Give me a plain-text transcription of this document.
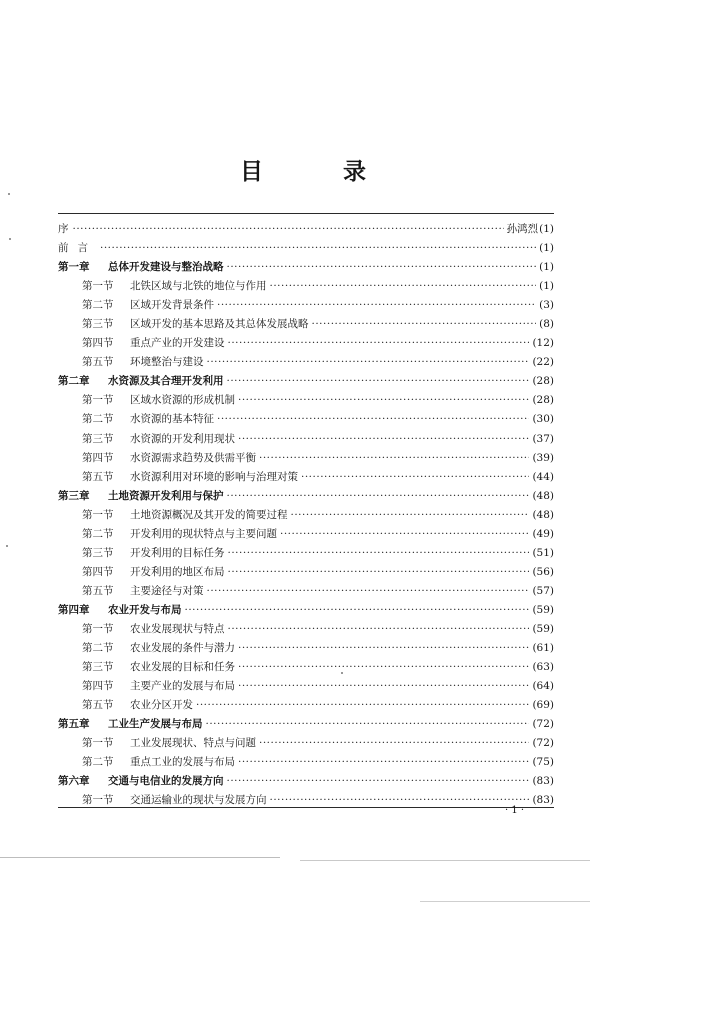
目	录
序 ·····	孙鸿烈 (1)
前言 ·····	(1)
第一章	总体开发建设与整治战略 ·····	(1)
第一节	北铁区域与北铁的地位与作用 ·····	(1)
第二节	区域开发背景条件 ·····	(3)
第三节	区域开发的基本思路及其总体发展战略 ·····	(8)
第四节	重点产业的开发建设 ·····	(12)
第五节	环境整治与建设 ·····	(22)
第二章	水资源及其合理开发利用 ·····	(28)
第一节	区域水资源的形成机制 ·····	(28)
第二节	水资源的基本特征 ·····	(30)
第三节	水资源的开发利用现状 ·····	(37)
第四节	水资源需求趋势及供需平衡 ·····	(39)
第五节	水资源利用对环境的影响与治理对策 ·····	(44)
第三章	土地资源开发利用与保护 ·····	(48)
第一节	土地资源概况及其开发的简要过程 ·····	(48)
第二节	开发利用的现状特点与主要问题 ·····	(49)
第三节	开发利用的目标任务 ·····	(51)
第四节	开发利用的地区布局 ·····	(56)
第五节	主要途径与对策 ·····	(57)
第四章	农业开发与布局 ·····	(59)
第一节	农业发展现状与特点 ·····	(59)
第二节	农业发展的条件与潜力 ·····	(61)
第三节	农业发展的目标和任务 ·····	(63)
第四节	主要产业的发展与布局 ·····	(64)
第五节	农业分区开发 ·····	(69)
第五章	工业生产发展与布局 ·····	(72)
第一节	工业发展现状、特点与问题 ·····	(72)
第二节	重点工业的发展与布局 ·····	(75)
第六章	交通与电信业的发展方向 ·····	(83)
第一节	交通运输业的现状与发展方向 ·····	(83)
· 1 ·
